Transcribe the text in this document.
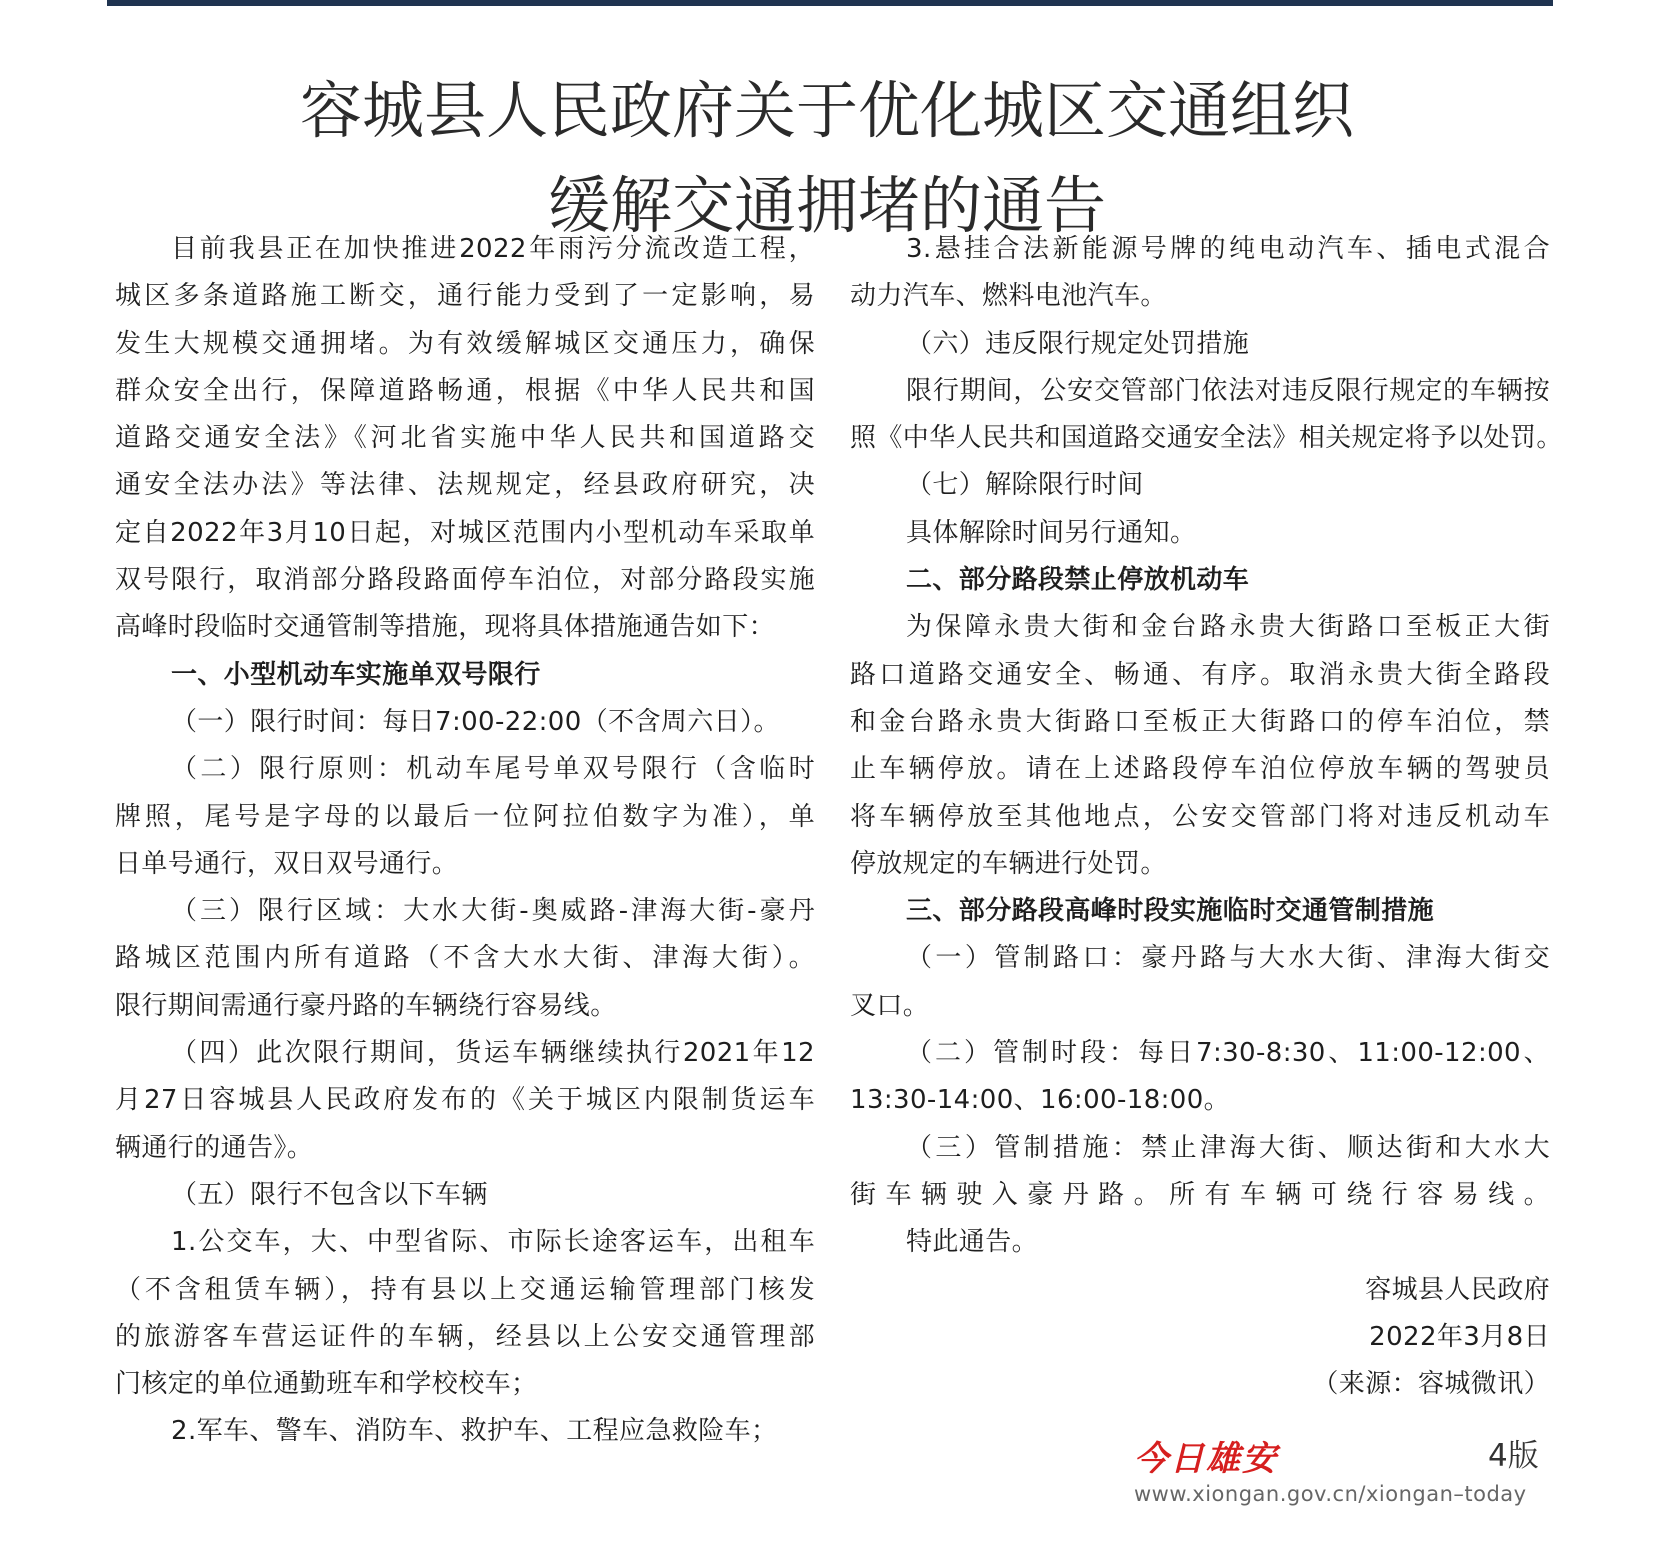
容城县人民政府关于优化城区交通组织
缓解交通拥堵的通告
目前我县正在加快推进2022年雨污分流改造工程，
城区多条道路施工断交，通行能力受到了一定影响，易
发生大规模交通拥堵。为有效缓解城区交通压力，确保
群众安全出行，保障道路畅通，根据《中华人民共和国
道路交通安全法》《河北省实施中华人民共和国道路交
通安全法办法》等法律、法规规定，经县政府研究，决
定自2022年3月10日起，对城区范围内小型机动车采取单
双号限行，取消部分路段路面停车泊位，对部分路段实施
高峰时段临时交通管制等措施，现将具体措施通告如下：
一、小型机动车实施单双号限行
（一）限行时间：每日7:00-22:00（不含周六日）。
（二）限行原则：机动车尾号单双号限行（含临时
牌照，尾号是字母的以最后一位阿拉伯数字为准），单
日单号通行，双日双号通行。
（三）限行区域：大水大街-奥威路-津海大街-豪丹
路城区范围内所有道路（不含大水大街、津海大街）。
限行期间需通行豪丹路的车辆绕行容易线。
（四）此次限行期间，货运车辆继续执行2021年12
月27日容城县人民政府发布的《关于城区内限制货运车
辆通行的通告》。
（五）限行不包含以下车辆
1.公交车，大、中型省际、市际长途客运车，出租车
（不含租赁车辆），持有县以上交通运输管理部门核发
的旅游客车营运证件的车辆，经县以上公安交通管理部
门核定的单位通勤班车和学校校车；
2.军车、警车、消防车、救护车、工程应急救险车；
3.悬挂合法新能源号牌的纯电动汽车、插电式混合
动力汽车、燃料电池汽车。
（六）违反限行规定处罚措施
限行期间，公安交管部门依法对违反限行规定的车辆按
照《中华人民共和国道路交通安全法》相关规定将予以处罚。
（七）解除限行时间
具体解除时间另行通知。
二、部分路段禁止停放机动车
为保障永贵大街和金台路永贵大街路口至板正大街
路口道路交通安全、畅通、有序。取消永贵大街全路段
和金台路永贵大街路口至板正大街路口的停车泊位，禁
止车辆停放。请在上述路段停车泊位停放车辆的驾驶员
将车辆停放至其他地点，公安交管部门将对违反机动车
停放规定的车辆进行处罚。
三、部分路段高峰时段实施临时交通管制措施
（一）管制路口：豪丹路与大水大街、津海大街交
叉口。
（二）管制时段：每日7:30-8:30、11:00-12:00、
13:30-14:00、16:00-18:00。
（三）管制措施：禁止津海大街、顺达街和大水大
街车辆驶入豪丹路。所有车辆可绕行容易线。
特此通告。
容城县人民政府
2022年3月8日
（来源：容城微讯）
今日雄安	4版
www.xiongan.gov.cn/xiongan–today
